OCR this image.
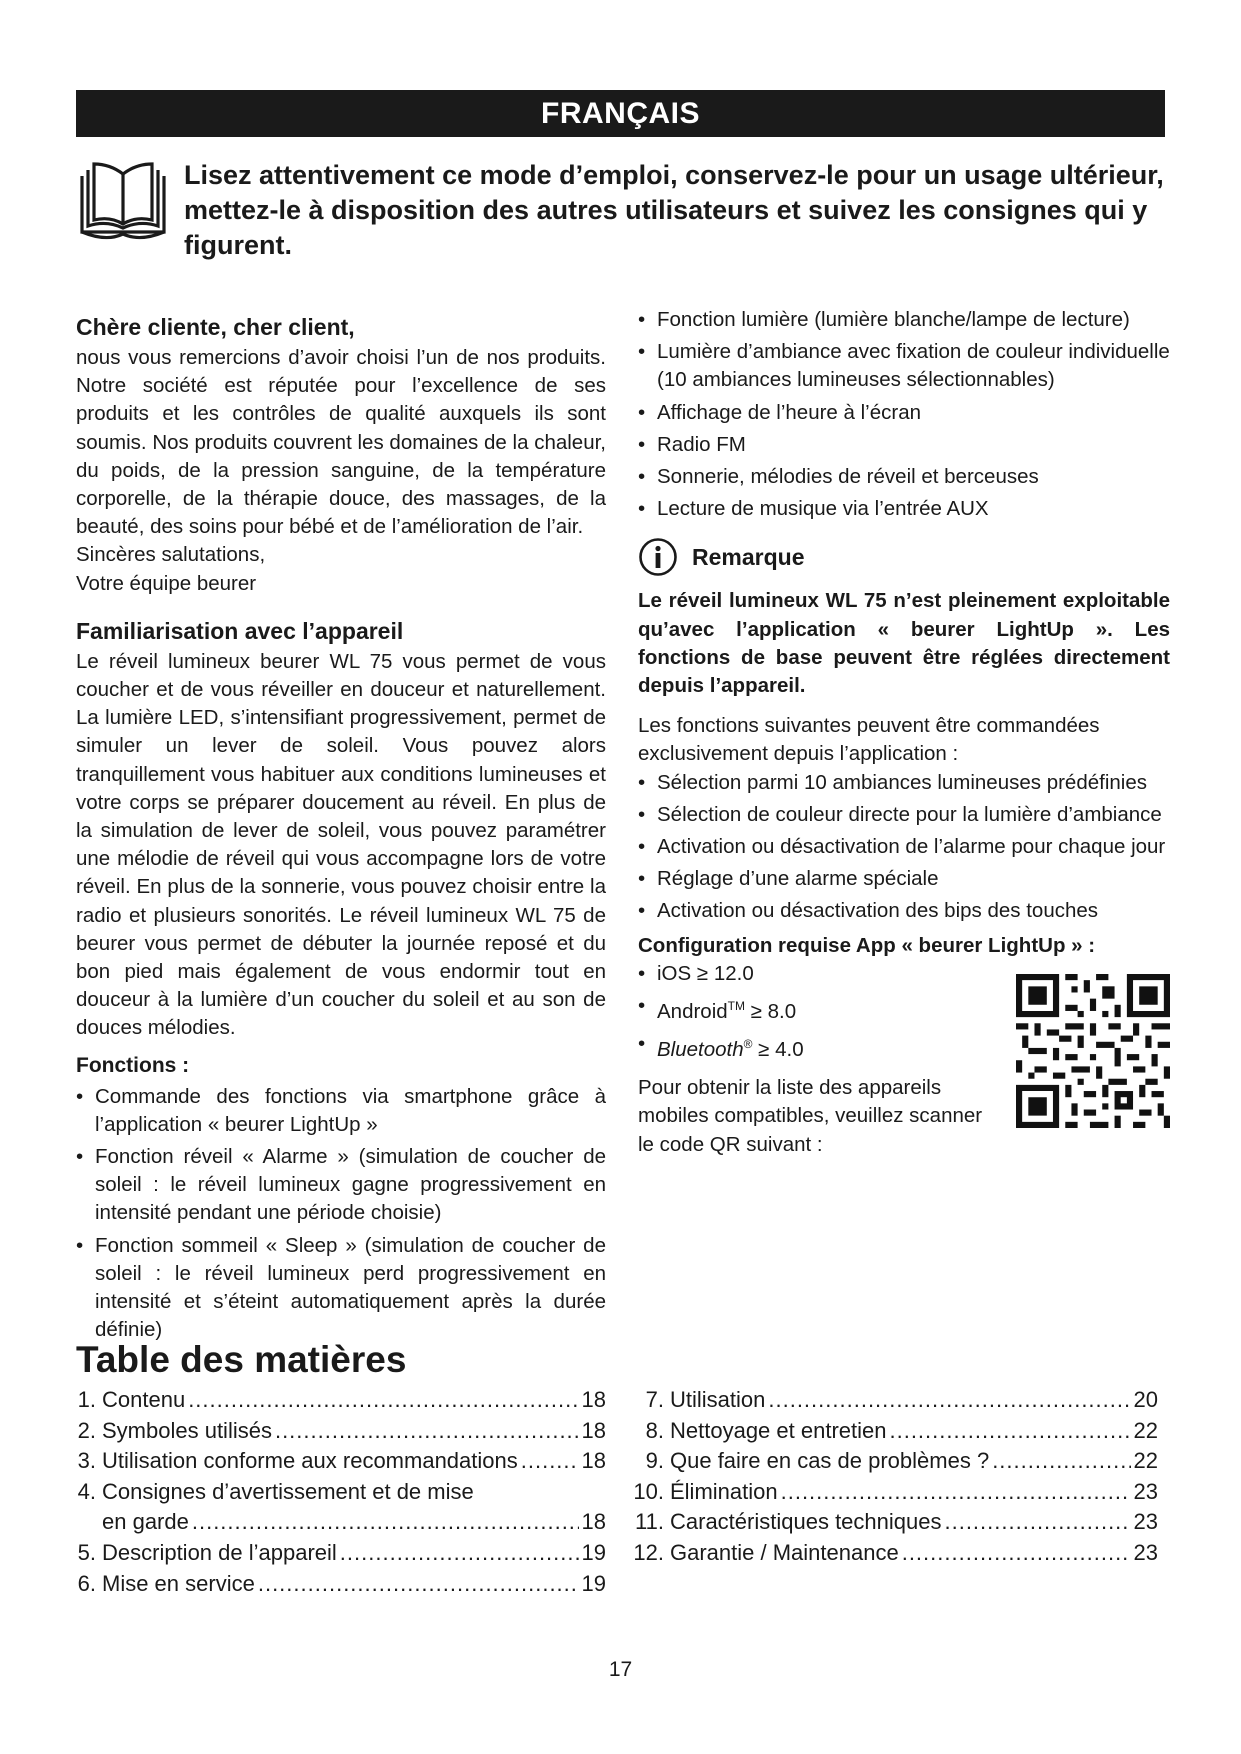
FRANÇAIS
Lisez attentivement ce mode d’emploi, conservez-le pour un usage ultérieur, mettez-le à disposition des autres utilisateurs et suivez les consignes qui y figurent.
Chère cliente, cher client,

nous vous remercions d’avoir choisi l’un de nos produits. Notre société est réputée pour l’excellence de ses produits et les contrôles de qualité auxquels ils sont soumis. Nos produits couvrent les domaines de la chaleur, du poids, de la pression sanguine, de la température corporelle, de la thérapie douce, des massages, de la beauté, des soins pour bébé et de l’amélioration de l’air.

Sincères salutations,

Votre équipe beurer

Familiarisation avec l’appareil

Le réveil lumineux beurer WL 75 vous permet de vous coucher et de vous réveiller en douceur et naturellement. La lumière LED, s’intensifiant progressivement, permet de simuler un lever de soleil. Vous pouvez alors tranquillement vous habituer aux conditions lumineuses et votre corps se préparer doucement au réveil. En plus de la simulation de lever de soleil, vous pouvez paramétrer une mélodie de réveil qui vous accompagne lors de votre réveil. En plus de la sonnerie, vous pouvez choisir entre la radio et plusieurs sonorités. Le réveil lumineux WL 75 de beurer vous permet de débuter la journée reposé et du bon pied mais également de vous endormir tout en douceur à la lumière d’un coucher du soleil et au son de douces mélodies.

Fonctions :
• Commande des fonctions via smartphone grâce à l’application « beurer LightUp »
• Fonction réveil « Alarme » (simulation de coucher de soleil : le réveil lumineux gagne progressivement en intensité pendant une période choisie)
• Fonction sommeil « Sleep » (simulation de coucher de soleil : le réveil lumineux perd progressivement en intensité et s’éteint automatiquement après la durée définie)
• Fonction lumière (lumière blanche/lampe de lecture)
• Lumière d’ambiance avec fixation de couleur individuelle (10 ambiances lumineuses sélectionnables)
• Affichage de l’heure à l’écran
• Radio FM
• Sonnerie, mélodies de réveil et berceuses
• Lecture de musique via l’entrée AUX
Remarque

Le réveil lumineux WL 75 n’est pleinement exploitable qu’avec l’application « beurer LightUp ». Les fonctions de base peuvent être réglées directement depuis l’appareil.

Les fonctions suivantes peuvent être commandées exclusivement depuis l’application :

• Sélection parmi 10 ambiances lumineuses prédéfinies
• Sélection de couleur directe pour la lumière d’ambiance
• Activation ou désactivation de l’alarme pour chaque jour
• Réglage d’une alarme spéciale
• Activation ou désactivation des bips des touches
Configuration requise App « beurer LightUp » :
• iOS ≥ 12.0
• Android™ ≥ 8.0
• Bluetooth® ≥ 4.0

Pour obtenir la liste des appareils mobiles compatibles, veuillez scanner le code QR suivant :

Table des matières
1. Contenu .....	18
2. Symboles utilisés .....	18
3. Utilisation conforme aux recommandations .....	18
4. Consignes d’avertissement et de mise
en garde .....	18
5. Description de l’appareil .....	19
6. Mise en service .....	19
7. Utilisation .....	20
8. Nettoyage et entretien .....	22
9. Que faire en cas de problèmes ? .....	22
10. Élimination .....	23
11. Caractéristiques techniques .....	23
12. Garantie / Maintenance .....	23
17
